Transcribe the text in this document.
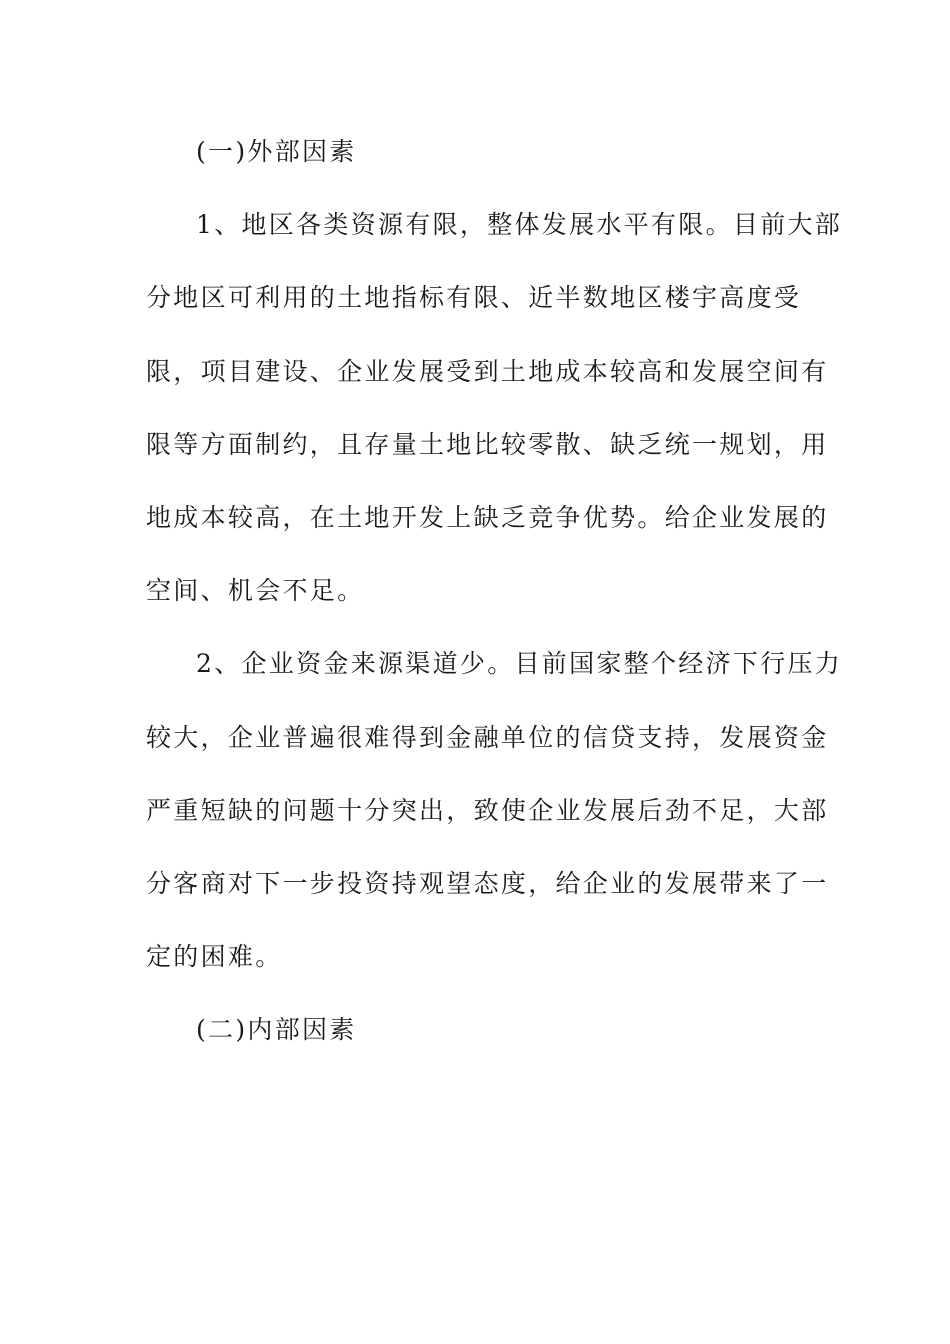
(一)外部因素
1、地区各类资源有限，整体发展水平有限。目前大部
分地区可利用的土地指标有限、近半数地区楼宇高度受
限，项目建设、企业发展受到土地成本较高和发展空间有
限等方面制约，且存量土地比较零散、缺乏统一规划，用
地成本较高，在土地开发上缺乏竞争优势。给企业发展的
空间、机会不足。
2、企业资金来源渠道少。目前国家整个经济下行压力
较大，企业普遍很难得到金融单位的信贷支持，发展资金
严重短缺的问题十分突出，致使企业发展后劲不足，大部
分客商对下一步投资持观望态度，给企业的发展带来了一
定的困难。
(二)内部因素
